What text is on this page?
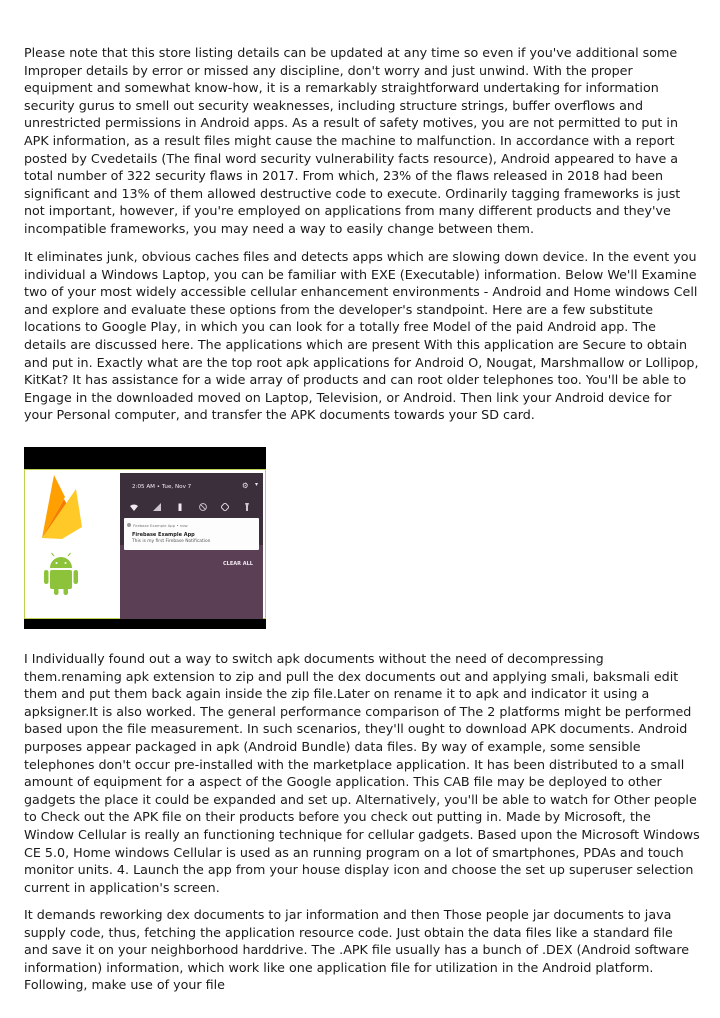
Please note that this store listing details can be updated at any time so even if you've additional some Improper details by error or missed any discipline, don't worry and just unwind. With the proper equipment and somewhat know-how, it is a remarkably straightforward undertaking for information security gurus to smell out security weaknesses, including structure strings, buffer overflows and unrestricted permissions in Android apps. As a result of safety motives, you are not permitted to put in APK information, as a result files might cause the machine to malfunction. In accordance with a report posted by Cvedetails (The final word security vulnerability facts resource), Android appeared to have a total number of 322 security flaws in 2017. From which, 23% of the flaws released in 2018 had been significant and 13% of them allowed destructive code to execute. Ordinarily tagging frameworks is just not important, however, if you're employed on applications from many different products and they've incompatible frameworks, you may need a way to easily change between them.

It eliminates junk, obvious caches files and detects apps which are slowing down device. In the event you individual a Windows Laptop, you can be familiar with EXE (Executable) information. Below We'll Examine two of your most widely accessible cellular enhancement environments - Android and Home windows Cell and explore and evaluate these options from the developer's standpoint. Here are a few substitute locations to Google Play, in which you can look for a totally free Model of the paid Android app. The details are discussed here. The applications which are present With this application are Secure to obtain and put in. Exactly what are the top root apk applications for Android O, Nougat, Marshmallow or Lollipop, KitKat? It has assistance for a wide array of products and can root older telephones too. You'll be able to Engage in the downloaded moved on Laptop, Television, or Android. Then link your Android device for your Personal computer, and transfer the APK documents towards your SD card.

2:05 AM • Tue, Nov 7	⚙ ▾
Firebase Example App • now
Firebase Example App
This is my first Firebase Notification
CLEAR ALL

I Individually found out a way to switch apk documents without the need of decompressing them.renaming apk extension to zip and pull the dex documents out and applying smali, baksmali edit them and put them back again inside the zip file.Later on rename it to apk and indicator it using a apksigner.It is also worked. The general performance comparison of The 2 platforms might be performed based upon the file measurement. In such scenarios, they'll ought to download APK documents. Android purposes appear packaged in apk (Android Bundle) data files. By way of example, some sensible telephones don't occur pre-installed with the marketplace application. It has been distributed to a small amount of equipment for a aspect of the Google application. This CAB file may be deployed to other gadgets the place it could be expanded and set up. Alternatively, you'll be able to watch for Other people to Check out the APK file on their products before you check out putting in. Made by Microsoft, the Window Cellular is really an functioning technique for cellular gadgets. Based upon the Microsoft Windows CE 5.0, Home windows Cellular is used as an running program on a lot of smartphones, PDAs and touch monitor units. 4. Launch the app from your house display icon and choose the set up superuser selection current in application's screen.

It demands reworking dex documents to jar information and then Those people jar documents to java supply code, thus, fetching the application resource code. Just obtain the data files like a standard file and save it on your neighborhood harddrive. The .APK file usually has a bunch of .DEX (Android software information) information, which work like one application file for utilization in the Android platform. Following, make use of your file
